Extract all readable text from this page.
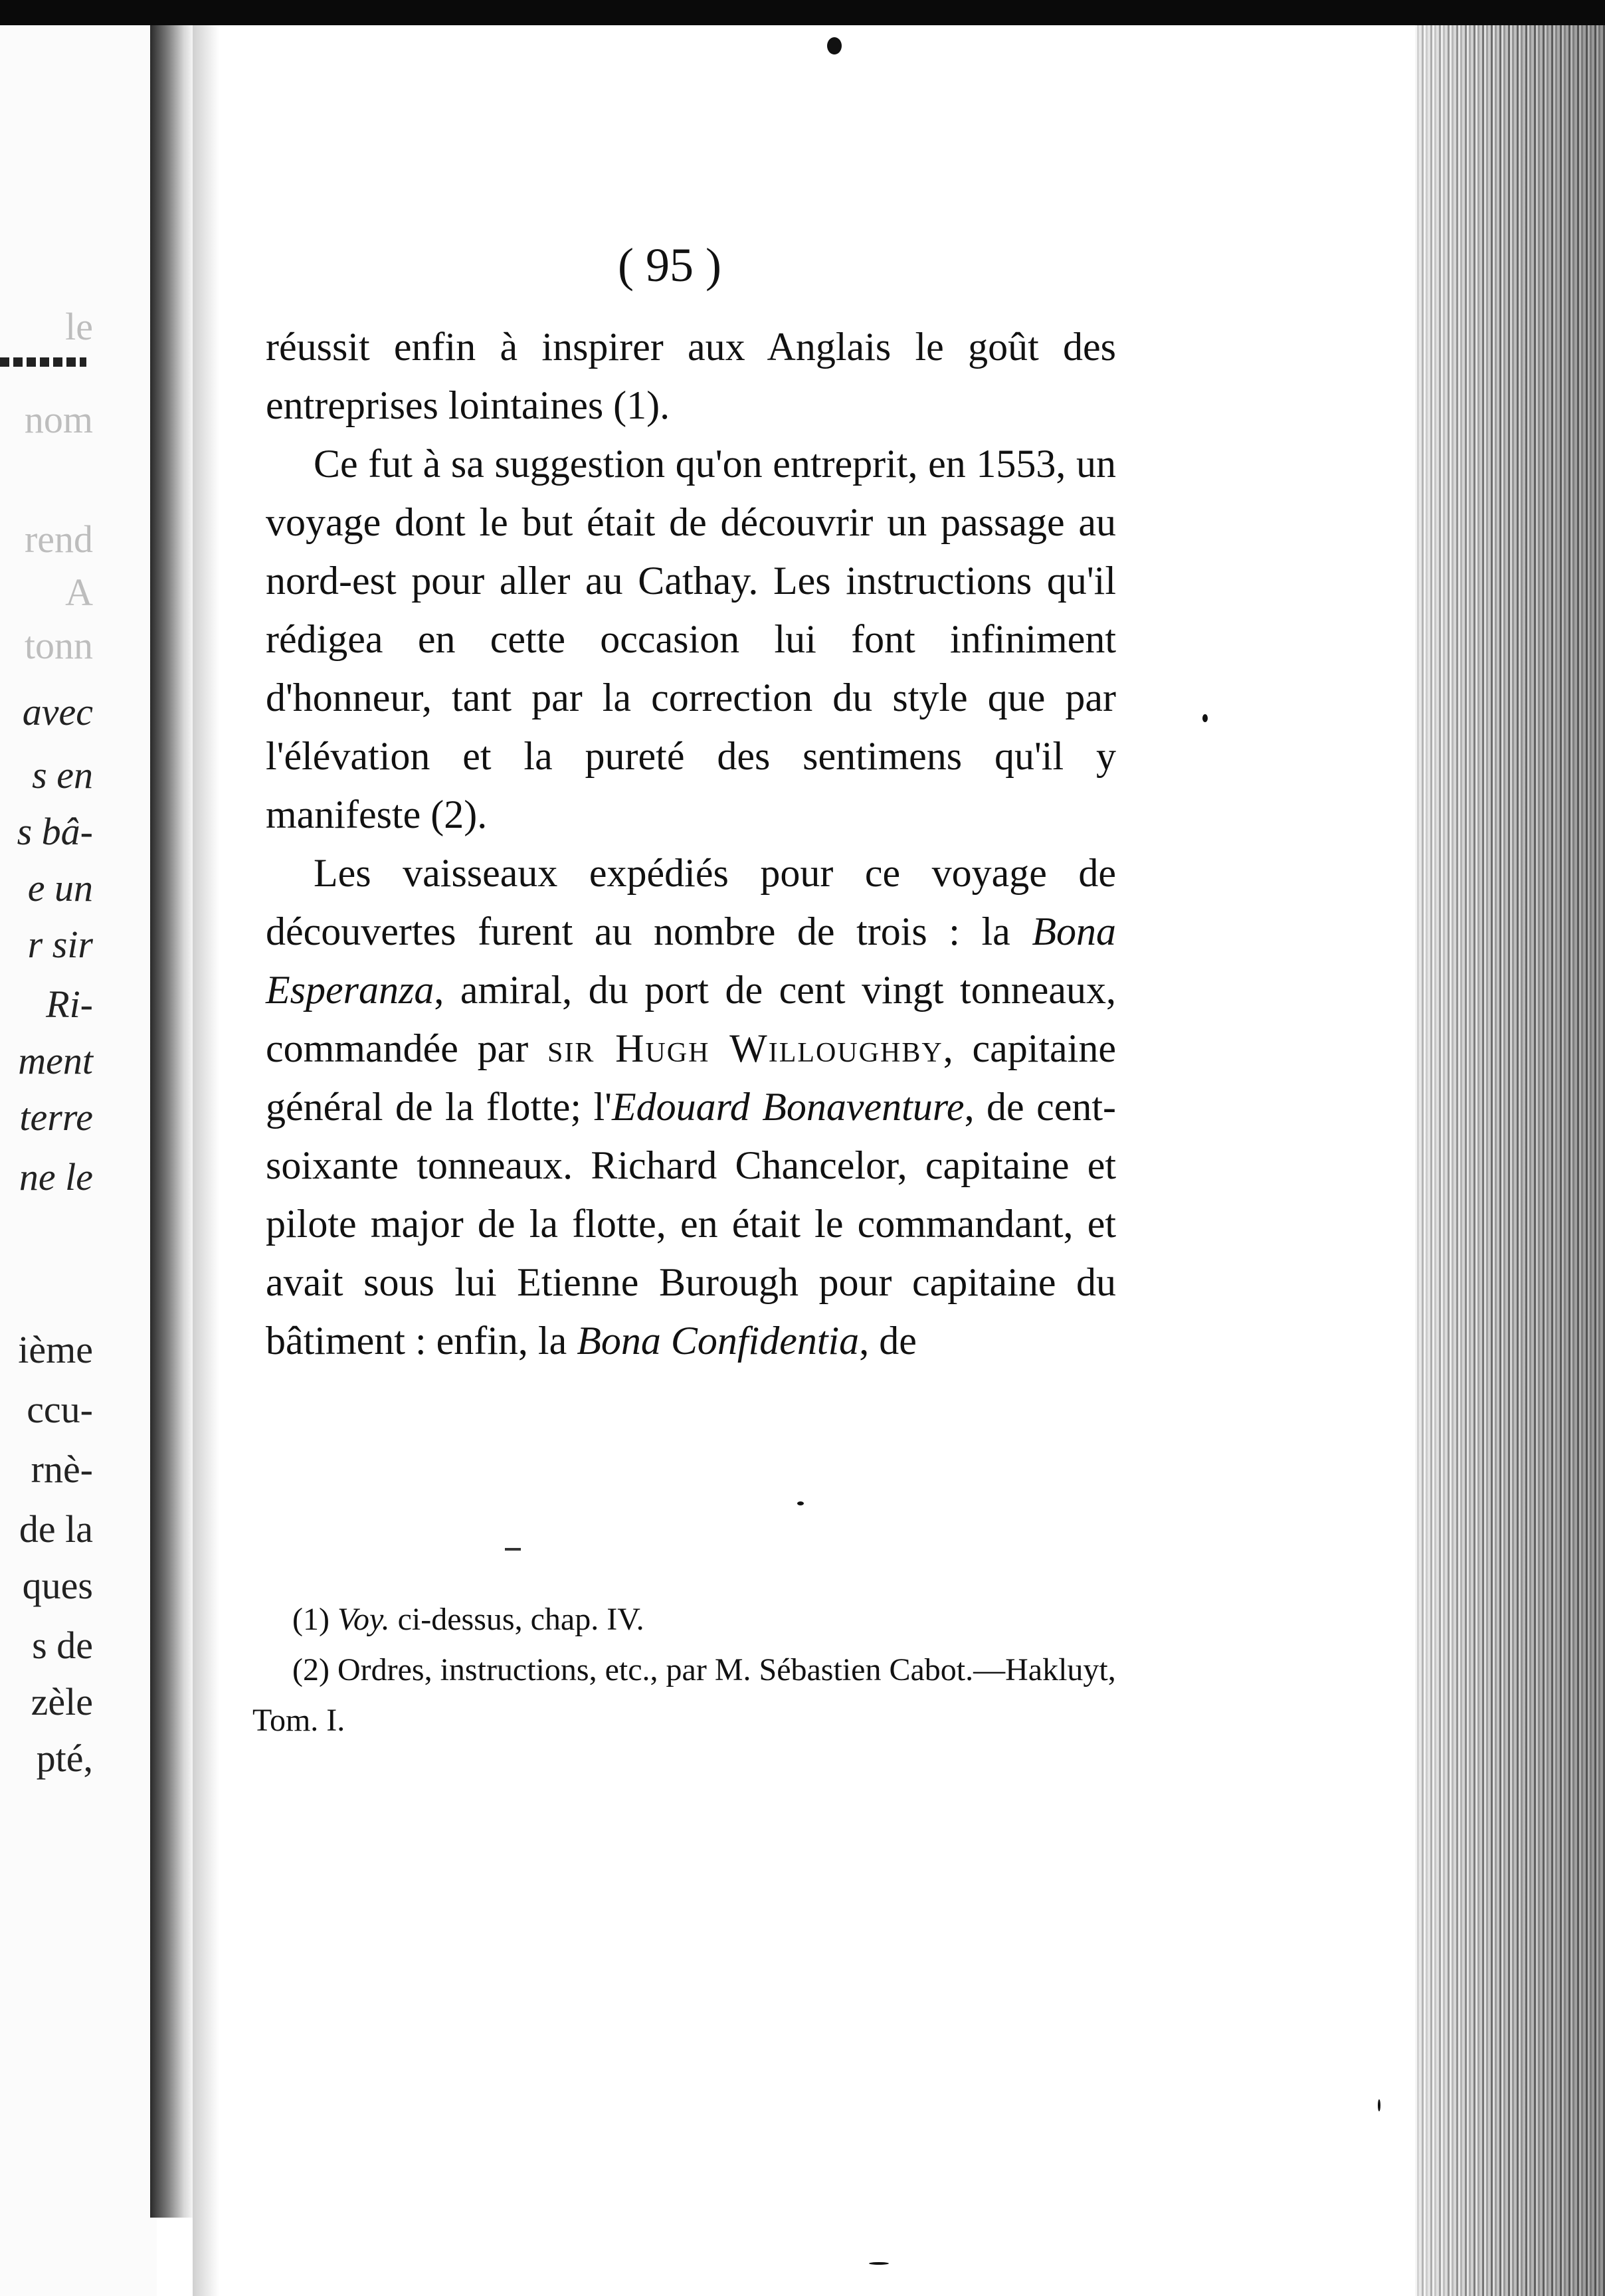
le
nom
rend
A
tonn
avec
s en
s bâ-
e un
r sir
Ri-
ment
terre
ne le
ième
ccu-
rnè-
de la
ques
s de
zèle
pté,
( 95 )

réussit enfin à inspirer aux Anglais le goût des entreprises lointaines (1).

Ce fut à sa suggestion qu'on entreprit, en 1553, un voyage dont le but était de découvrir un passage au nord-est pour aller au Cathay. Les instructions qu'il rédigea en cette occasion lui font infiniment d'honneur, tant par la correction du style que par l'élévation et la pureté des sentimens qu'il y manifeste (2).

Les vaisseaux expédiés pour ce voyage de découvertes furent au nombre de trois : la Bona Esperanza, amiral, du port de cent vingt tonneaux, commandée par sir Hugh Willoughby, capitaine général de la flotte; l'Edouard Bonaventure, de cent-soixante tonneaux. Richard Chancelor, capitaine et pilote major de la flotte, en était le commandant, et avait sous lui Etienne Burough pour capitaine du bâtiment : enfin, la Bona Confidentia, de

(1) Voy. ci-dessus, chap. IV.

(2) Ordres, instructions, etc., par M. Sébastien Cabot.—Hakluyt, Tom. I.
